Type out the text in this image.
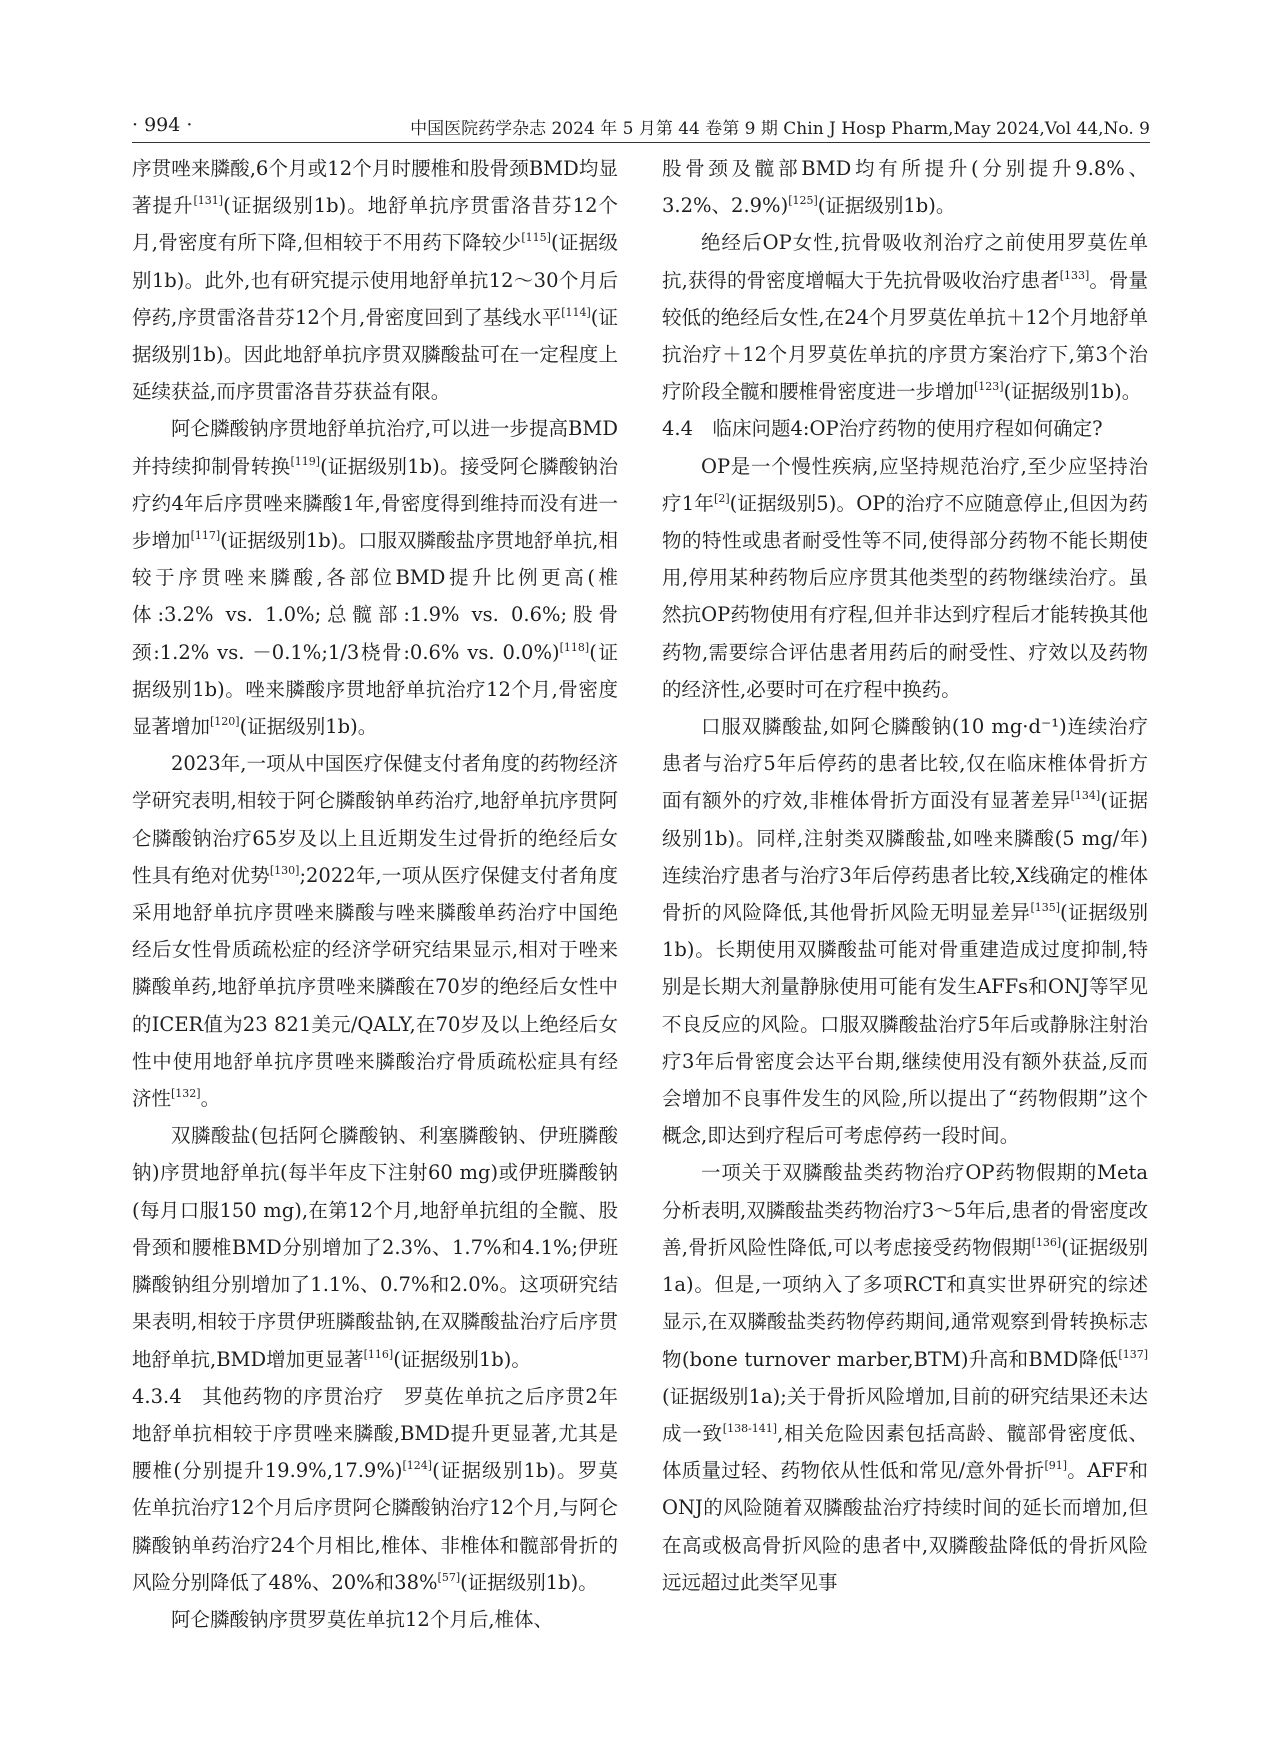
· 994 ·	中国医院药学杂志 2024 年 5 月第 44 卷第 9 期 Chin J Hosp Pharm,May 2024,Vol 44,No. 9

序贯唑来膦酸,6个月或12个月时腰椎和股骨颈BMD均显著提升[131](证据级别1b)。地舒单抗序贯雷洛昔芬12个月,骨密度有所下降,但相较于不用药下降较少[115](证据级别1b)。此外,也有研究提示使用地舒单抗12～30个月后停药,序贯雷洛昔芬12个月,骨密度回到了基线水平[114](证据级别1b)。因此地舒单抗序贯双膦酸盐可在一定程度上延续获益,而序贯雷洛昔芬获益有限。

阿仑膦酸钠序贯地舒单抗治疗,可以进一步提高BMD并持续抑制骨转换[119](证据级别1b)。接受阿仑膦酸钠治疗约4年后序贯唑来膦酸1年,骨密度得到维持而没有进一步增加[117](证据级别1b)。口服双膦酸盐序贯地舒单抗,相较于序贯唑来膦酸,各部位BMD提升比例更高(椎体:3.2% vs. 1.0%;总髋部:1.9% vs. 0.6%;股骨颈:1.2% vs. －0.1%;1/3桡骨:0.6% vs. 0.0%)[118](证据级别1b)。唑来膦酸序贯地舒单抗治疗12个月,骨密度显著增加[120](证据级别1b)。

2023年,一项从中国医疗保健支付者角度的药物经济学研究表明,相较于阿仑膦酸钠单药治疗,地舒单抗序贯阿仑膦酸钠治疗65岁及以上且近期发生过骨折的绝经后女性具有绝对优势[130];2022年,一项从医疗保健支付者角度采用地舒单抗序贯唑来膦酸与唑来膦酸单药治疗中国绝经后女性骨质疏松症的经济学研究结果显示,相对于唑来膦酸单药,地舒单抗序贯唑来膦酸在70岁的绝经后女性中的ICER值为23 821美元/QALY,在70岁及以上绝经后女性中使用地舒单抗序贯唑来膦酸治疗骨质疏松症具有经济性[132]。

双膦酸盐(包括阿仑膦酸钠、利塞膦酸钠、伊班膦酸钠)序贯地舒单抗(每半年皮下注射60 mg)或伊班膦酸钠(每月口服150 mg),在第12个月,地舒单抗组的全髋、股骨颈和腰椎BMD分别增加了2.3%、1.7%和4.1%;伊班膦酸钠组分别增加了1.1%、0.7%和2.0%。这项研究结果表明,相较于序贯伊班膦酸盐钠,在双膦酸盐治疗后序贯地舒单抗,BMD增加更显著[116](证据级别1b)。

4.3.4　其他药物的序贯治疗　罗莫佐单抗之后序贯2年地舒单抗相较于序贯唑来膦酸,BMD提升更显著,尤其是腰椎(分别提升19.9%,17.9%)[124](证据级别1b)。罗莫佐单抗治疗12个月后序贯阿仑膦酸钠治疗12个月,与阿仑膦酸钠单药治疗24个月相比,椎体、非椎体和髋部骨折的风险分别降低了48%、20%和38%[57](证据级别1b)。

阿仑膦酸钠序贯罗莫佐单抗12个月后,椎体、

股骨颈及髋部BMD均有所提升(分别提升9.8%、3.2%、2.9%)[125](证据级别1b)。

绝经后OP女性,抗骨吸收剂治疗之前使用罗莫佐单抗,获得的骨密度增幅大于先抗骨吸收治疗患者[133]。骨量较低的绝经后女性,在24个月罗莫佐单抗＋12个月地舒单抗治疗＋12个月罗莫佐单抗的序贯方案治疗下,第3个治疗阶段全髋和腰椎骨密度进一步增加[123](证据级别1b)。

4.4　临床问题4:OP治疗药物的使用疗程如何确定?

OP是一个慢性疾病,应坚持规范治疗,至少应坚持治疗1年[2](证据级别5)。OP的治疗不应随意停止,但因为药物的特性或患者耐受性等不同,使得部分药物不能长期使用,停用某种药物后应序贯其他类型的药物继续治疗。虽然抗OP药物使用有疗程,但并非达到疗程后才能转换其他药物,需要综合评估患者用药后的耐受性、疗效以及药物的经济性,必要时可在疗程中换药。

口服双膦酸盐,如阿仑膦酸钠(10 mg·d⁻¹)连续治疗患者与治疗5年后停药的患者比较,仅在临床椎体骨折方面有额外的疗效,非椎体骨折方面没有显著差异[134](证据级别1b)。同样,注射类双膦酸盐,如唑来膦酸(5 mg/年)连续治疗患者与治疗3年后停药患者比较,X线确定的椎体骨折的风险降低,其他骨折风险无明显差异[135](证据级别1b)。长期使用双膦酸盐可能对骨重建造成过度抑制,特别是长期大剂量静脉使用可能有发生AFFs和ONJ等罕见不良反应的风险。口服双膦酸盐治疗5年后或静脉注射治疗3年后骨密度会达平台期,继续使用没有额外获益,反而会增加不良事件发生的风险,所以提出了“药物假期”这个概念,即达到疗程后可考虑停药一段时间。

一项关于双膦酸盐类药物治疗OP药物假期的Meta分析表明,双膦酸盐类药物治疗3～5年后,患者的骨密度改善,骨折风险性降低,可以考虑接受药物假期[136](证据级别1a)。但是,一项纳入了多项RCT和真实世界研究的综述显示,在双膦酸盐类药物停药期间,通常观察到骨转换标志物(bone turnover marber,BTM)升高和BMD降低[137](证据级别1a);关于骨折风险增加,目前的研究结果还未达成一致[138-141],相关危险因素包括高龄、髋部骨密度低、体质量过轻、药物依从性低和常见/意外骨折[91]。AFF和ONJ的风险随着双膦酸盐治疗持续时间的延长而增加,但在高或极高骨折风险的患者中,双膦酸盐降低的骨折风险远远超过此类罕见事
